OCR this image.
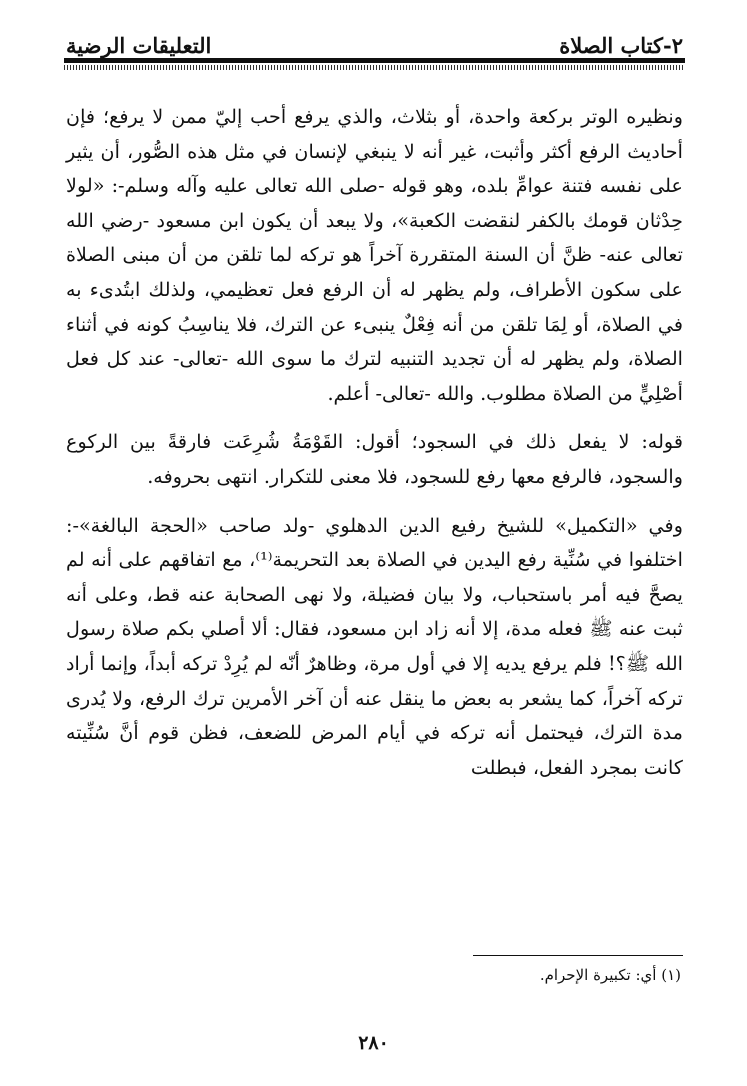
٢-كتاب الصلاة
التعليقات الرضية

ونظيره الوتر بركعة واحدة، أو بثلاث، والذي يرفع أحب إليّ ممن لا يرفع؛ فإن أحاديث الرفع أكثر وأثبت، غير أنه لا ينبغي لإنسان في مثل هذه الصُّور، أن يثير على نفسه فتنة عوامِّ بلده، وهو قوله -صلى الله تعالى عليه وآله وسلم-: «لولا حِدْثان قومك بالكفر لنقضت الكعبة»، ولا يبعد أن يكون ابن مسعود -رضي الله تعالى عنه- ظنَّ أن السنة المتقررة آخراً هو تركه لما تلقن من أن مبنى الصلاة على سكون الأطراف، ولم يظهر له أن الرفع فعل تعظيمي، ولذلك ابتُدىء به في الصلاة، أو لِمَا تلقن من أنه فِعْلٌ ينبىء عن الترك، فلا يناسِبُ كونه في أثناء الصلاة، ولم يظهر له أن تجديد التنبيه لترك ما سوى الله -تعالى- عند كل فعل أصْلِيٍّ من الصلاة مطلوب. والله -تعالى- أعلم.

قوله: لا يفعل ذلك في السجود؛ أقول: القَوْمَةُ شُرِعَت فارقةً بين الركوع والسجود، فالرفع معها رفع للسجود، فلا معنى للتكرار. انتهى بحروفه.

وفي «التكميل» للشيخ رفيع الدين الدهلوي -ولد صاحب «الحجة البالغة»-: اختلفوا في سُنِّية رفع اليدين في الصلاة بعد التحريمة⁽¹⁾، مع اتفاقهم على أنه لم يصحَّ فيه أمر باستحباب، ولا بيان فضيلة، ولا نهى الصحابة عنه قط، وعلى أنه ثبت عنه ﷺ فعله مدة، إلا أنه زاد ابن مسعود، فقال: ألا أصلي بكم صلاة رسول الله ﷺ؟! فلم يرفع يديه إلا في أول مرة، وظاهرٌ أنّه لم يُرِدْ تركه أبداً، وإنما أراد تركه آخراً، كما يشعر به بعض ما ينقل عنه أن آخر الأمرين ترك الرفع، ولا يُدرى مدة الترك، فيحتمل أنه تركه في أيام المرض للضعف، فظن قوم أنَّ سُنِّيته كانت بمجرد الفعل، فبطلت

(١) أي: تكبيرة الإحرام.
٢٨٠
